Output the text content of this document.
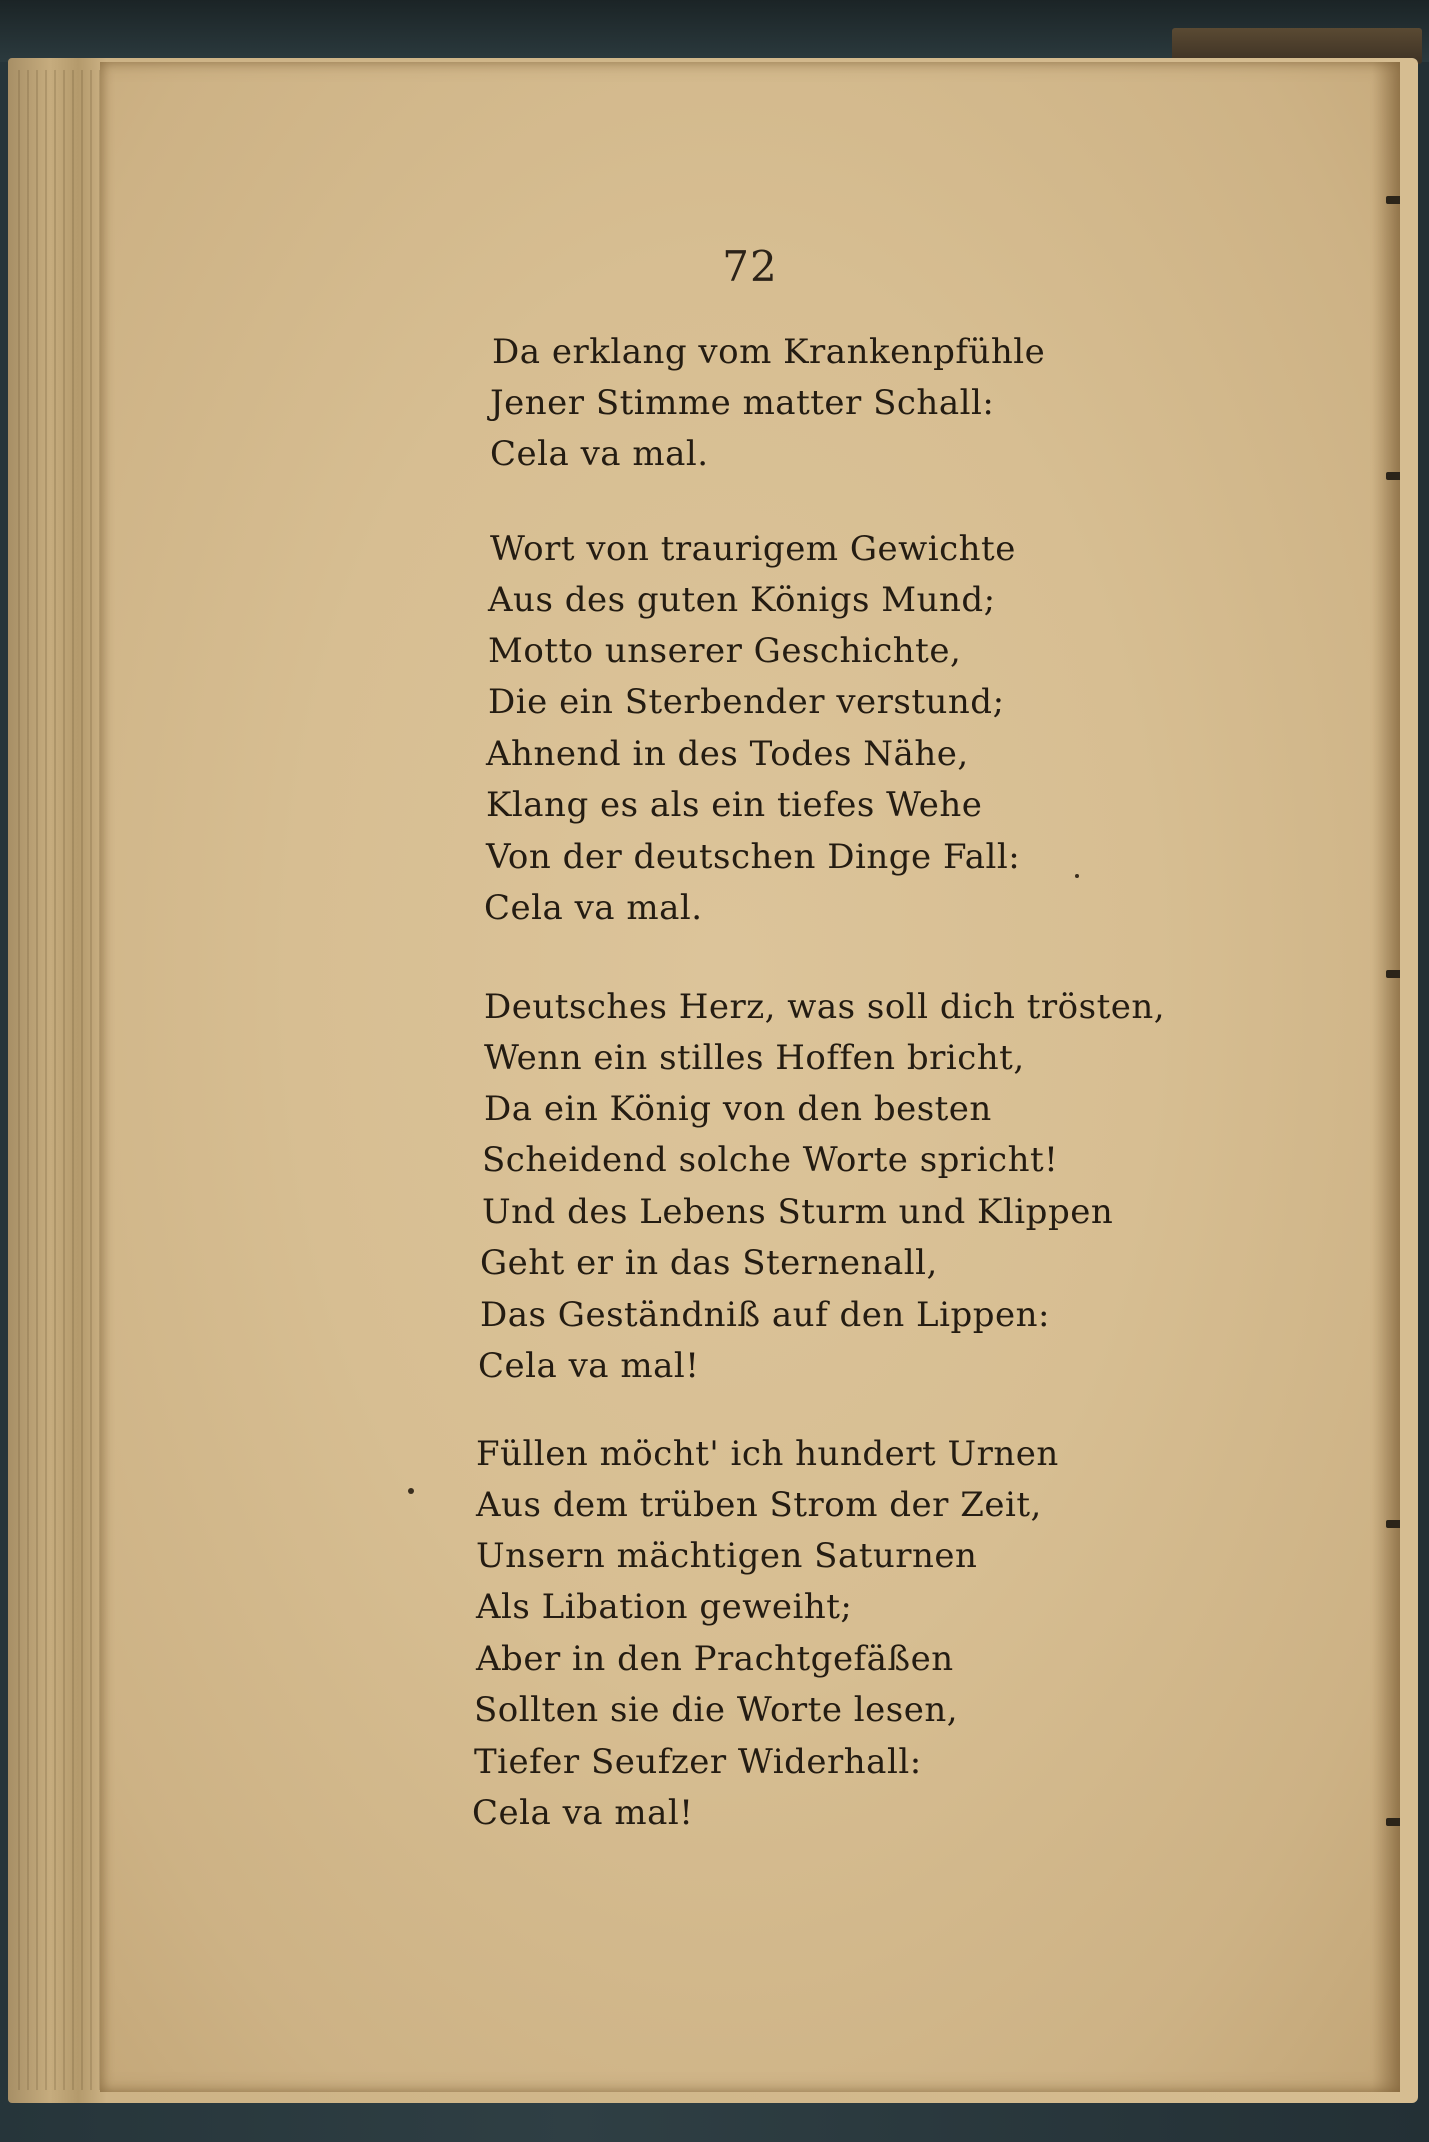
72
Da erklang vom Krankenpfühle
Jener Stimme matter Schall:
Cela va mal.
Wort von traurigem Gewichte
Aus des guten Königs Mund;
Motto unserer Geschichte,
Die ein Sterbender verstund;
Ahnend in des Todes Nähe,
Klang es als ein tiefes Wehe
Von der deutschen Dinge Fall:
Cela va mal.
Deutsches Herz, was soll dich trösten,
Wenn ein stilles Hoffen bricht,
Da ein König von den besten
Scheidend solche Worte spricht!
Und des Lebens Sturm und Klippen
Geht er in das Sternenall,
Das Geständniß auf den Lippen:
Cela va mal!
Füllen möcht' ich hundert Urnen
Aus dem trüben Strom der Zeit,
Unsern mächtigen Saturnen
Als Libation geweiht;
Aber in den Prachtgefäßen
Sollten sie die Worte lesen,
Tiefer Seufzer Widerhall:
Cela va mal!
